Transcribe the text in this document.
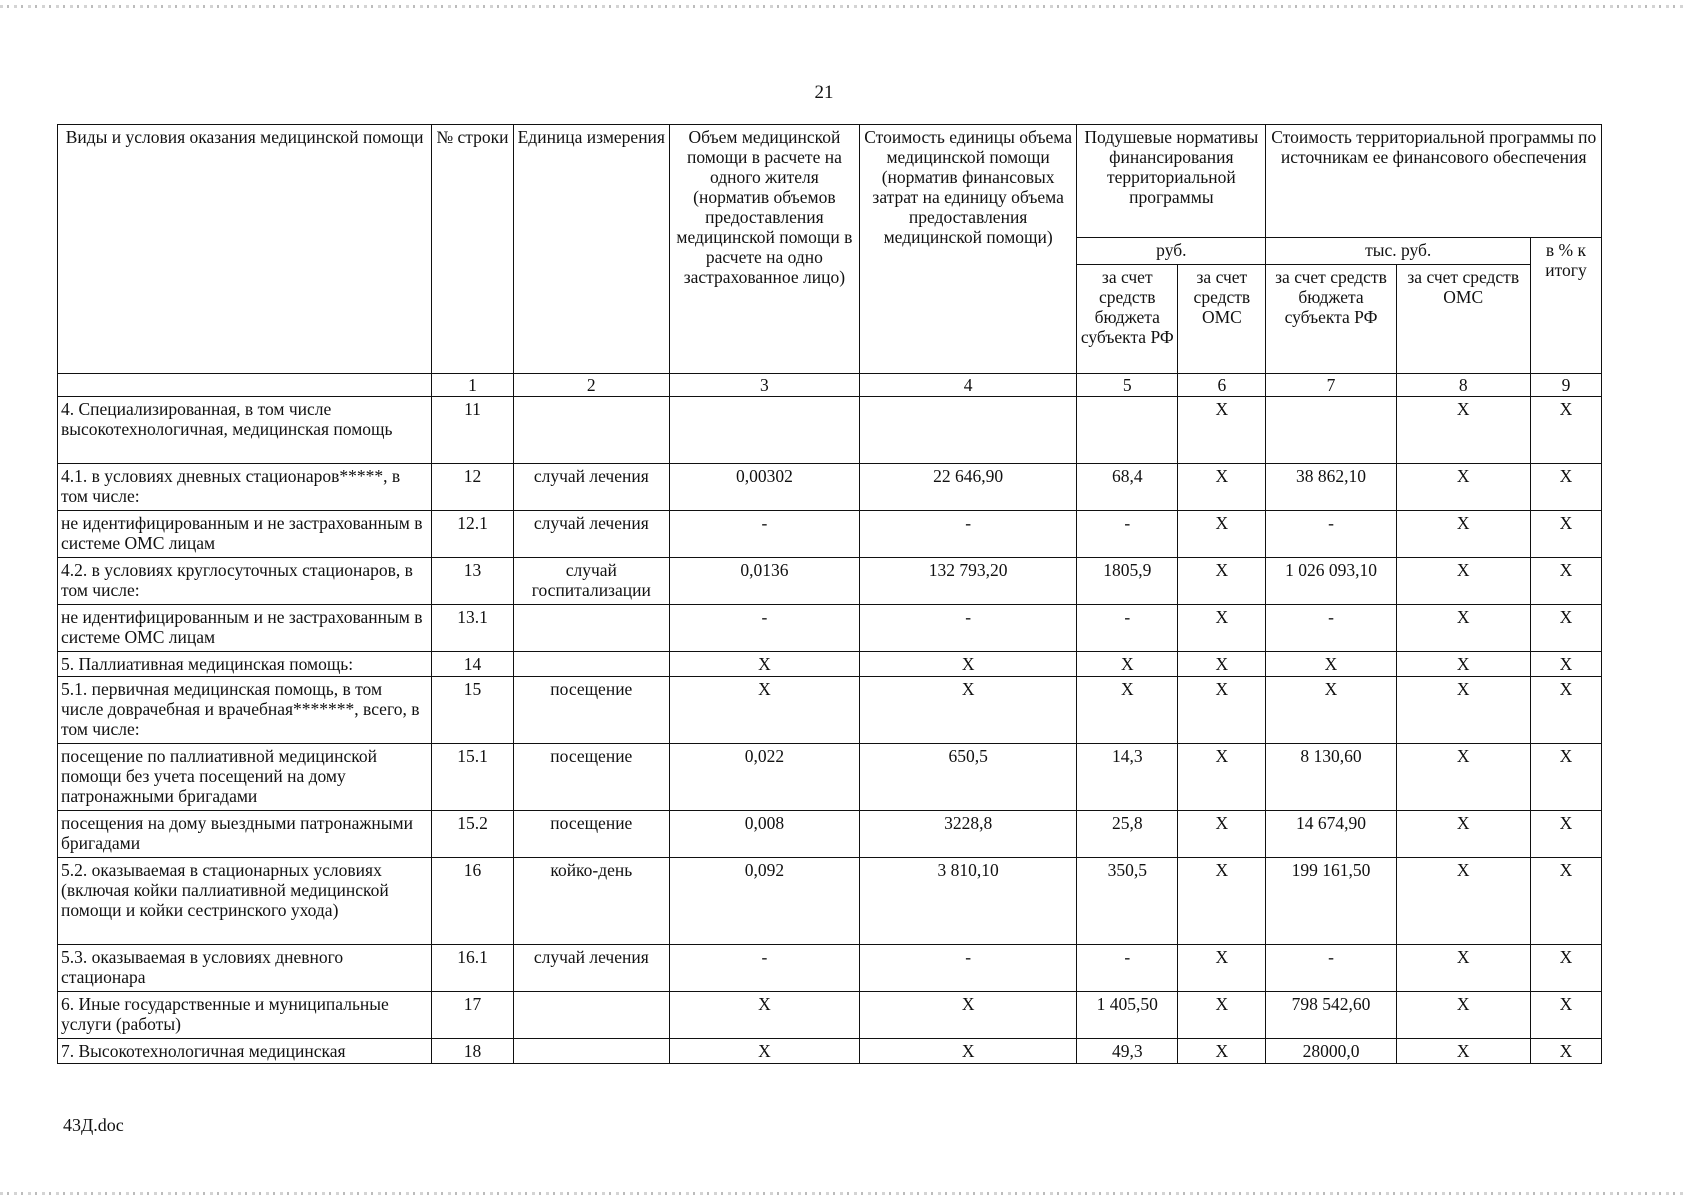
21
Виды и условия оказания медицинской помощи	№ строки	Единица измерения	Объем медицинской помощи в расчете на одного жителя (норматив объемов предоставления медицинской помощи в расчете на одно застрахованное лицо)	Стоимость единицы объема медицинской помощи (норматив финансовых затрат на единицу объема предоставления медицинской помощи)	Подушевые нормативы финансирования территориальной программы		Стоимость территориальной программы по источникам ее финансового обеспечения		
					руб.		тыс. руб.		в % к итогу
					за счет средств бюджета субъекта РФ	за счет средств ОМС	за счет средств бюджета субъекта РФ	за счет средств ОМС	
	1	2	3	4	5	6	7	8	9
4. Специализированная, в том числе высокотехнологичная, медицинская помощь	11					X		X	X
4.1. в условиях дневных стационаров*****, в том числе:	12	случай лечения	0,00302	22 646,90	68,4	X	38 862,10	X	X
не идентифицированным и не застрахованным в системе ОМС лицам	12.1	случай лечения	-	-	-	X	-	X	X
4.2. в условиях круглосуточных стационаров, в том числе:	13	случай госпитализации	0,0136	132 793,20	1805,9	X	1 026 093,10	X	X
не идентифицированным и не застрахованным в системе ОМС лицам	13.1		-	-	-	X	-	X	X
5. Паллиативная медицинская помощь:	14		X	X	X	X	X	X	X
5.1. первичная медицинская помощь, в том числе доврачебная и врачебная*******, всего, в том числе:	15	посещение	X	X	X	X	X	X	X
посещение по паллиативной медицинской помощи без учета посещений на дому патронажными бригадами	15.1	посещение	0,022	650,5	14,3	X	8 130,60	X	X
посещения на дому выездными патронажными бригадами	15.2	посещение	0,008	3228,8	25,8	X	14 674,90	X	X
5.2. оказываемая в стационарных условиях (включая койки паллиативной медицинской помощи и койки сестринского ухода)	16	койко-день	0,092	3 810,10	350,5	X	199 161,50	X	X
5.3. оказываемая в условиях дневного стационара	16.1	случай лечения	-	-	-	X	-	X	X
6. Иные государственные и муниципальные услуги (работы)	17		X	X	1 405,50	X	798 542,60	X	X
7. Высокотехнологичная медицинская	18		X	X	49,3	X	28000,0	X	X
43Д.doc
